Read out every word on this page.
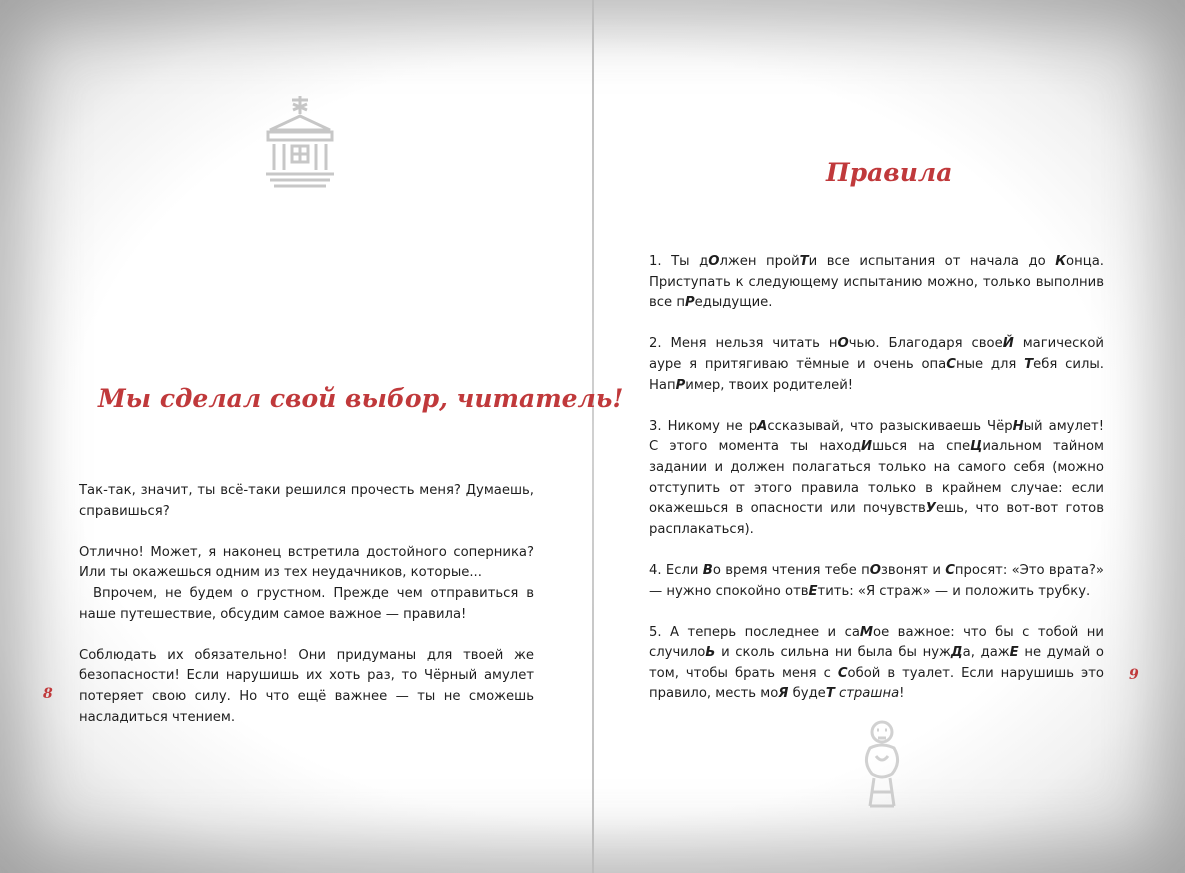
Мы сделал свой выбор, читатель!

Так-так, значит, ты всё-таки решился прочесть меня? Думаешь, справишься?

Отлично! Может, я наконец встретила достойного соперника? Или ты окажешься одним из тех неудачников, которые...

Впрочем, не будем о грустном. Прежде чем отправиться в наше путешествие, обсудим самое важное — правила!

Соблюдать их обязательно! Они придуманы для твоей же безопасности! Если нарушишь их хоть раз, то Чёрный амулет потеряет свою силу. Но что ещё важнее — ты не сможешь насладиться чтением.

8
Правила

1. Ты дОлжен пройТи все испытания от начала до Конца. Приступать к следующему испытанию можно, только выполнив все пРедыдущие.

2. Меня нельзя читать нОчью. Благодаря своеЙ магической ауре я притягиваю тёмные и очень опаСные для Тебя силы. НапРимер, твоих родителей!

3. Никому не рАссказывай, что разыскиваешь ЧёрНый амулет! С этого момента ты находИшься на спеЦиальном тайном задании и должен полагаться только на самого себя (можно отступить от этого правила только в крайнем случае: если окажешься в опасности или почувствУешь, что вот-вот готов расплакаться).

4. Если Во время чтения тебе пОзвонят и Спросят: «Это врата?» — нужно спокойно отвЕтить: «Я страж» — и положить трубку.

5. А теперь последнее и саМое важное: что бы с тобой ни случилоЬ и сколь сильна ни была бы нужДа, дажЕ не думай о том, чтобы брать меня с Собой в туалет. Если нарушишь это правило, месть моЯ будеТ страшна!

9
